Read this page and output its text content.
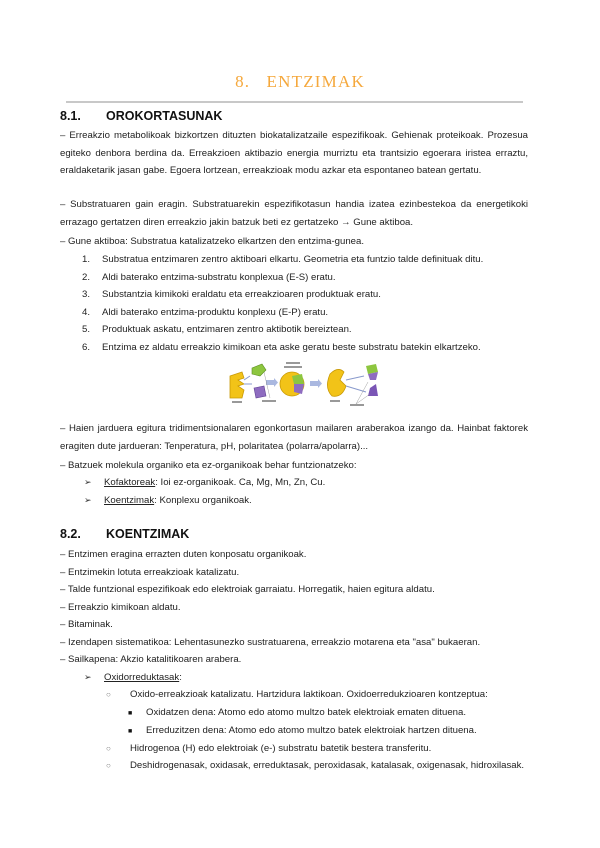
8.   ENTZIMAK
8.1. OROKORTASUNAK
– Erreakzio metabolikoak bizkortzen dituzten biokatalizatzaile espezifikoak. Gehienak proteikoak. Prozesua egiteko denbora berdina da. Erreakzioen aktibazio energia murriztu eta trantsizio egoerara iristea erraztu, eraldaketarik jasan gabe. Egoera lortzean, erreakzioak modu azkar eta espontaneo batean gertatu.
– Substratuaren gain eragin. Substratuarekin espezifikotasun handia izatea ezinbestekoa da energetikoki errazago gertatzen diren erreakzio jakin batzuk beti ez gertatzeko → Gune aktiboa.
– Gune aktiboa: Substratua katalizatzeko elkartzen den entzima-gunea.
1. Substratua entzimaren zentro aktiboari elkartu. Geometria eta funtzio talde definituak ditu.
2. Aldi baterako entzima-substratu konplexua (E-S) eratu.
3. Substantzia kimikoki eraldatu eta erreakzioaren produktuak eratu.
4. Aldi baterako entzima-produktu konplexu (E-P) eratu.
5. Produktuak askatu, entzimaren zentro aktibotik bereiztean.
6. Entzima ez aldatu erreakzio kimikoan eta aske geratu beste substratu batekin elkartzeko.
– Haien jarduera egitura tridimentsionalaren egonkortasun mailaren araberakoa izango da. Hainbat faktorek eragiten dute jardueran: Tenperatura, pH, polaritatea (polarra/apolarra)...
– Batzuek molekula organiko eta ez-organikoak behar funtzionatzeko:
➢ Kofaktoreak: Ioi ez-organikoak. Ca, Mg, Mn, Zn, Cu.
➢ Koentzimak: Konplexu organikoak.
8.2. KOENTZIMAK
– Entzimen eragina errazten duten konposatu organikoak.
– Entzimekin lotuta erreakzioak katalizatu.
– Talde funtzional espezifikoak edo elektroiak garraiatu. Horregatik, haien egitura aldatu.
– Erreakzio kimikoan aldatu.
– Bitaminak.
– Izendapen sistematikoa: Lehentasunezko sustratuarena, erreakzio motarena eta "asa" bukaeran.
– Sailkapena: Akzio katalitikoaren arabera.
➢ Oxidorreduktasak:
○ Oxido-erreakzioak katalizatu. Hartzidura laktikoan. Oxidoerredukzioaren kontzeptua:
■ Oxidatzen dena: Atomo edo atomo multzo batek elektroiak ematen dituena.
■ Erreduzitzen dena: Atomo edo atomo multzo batek elektroiak hartzen dituena.
○ Hidrogenoa (H) edo elektroiak (e-) substratu batetik bestera transferitu.
○ Deshidrogenasak, oxidasak, erreduktasak, peroxidasak, katalasak, oxigenasak, hidroxilasak.
